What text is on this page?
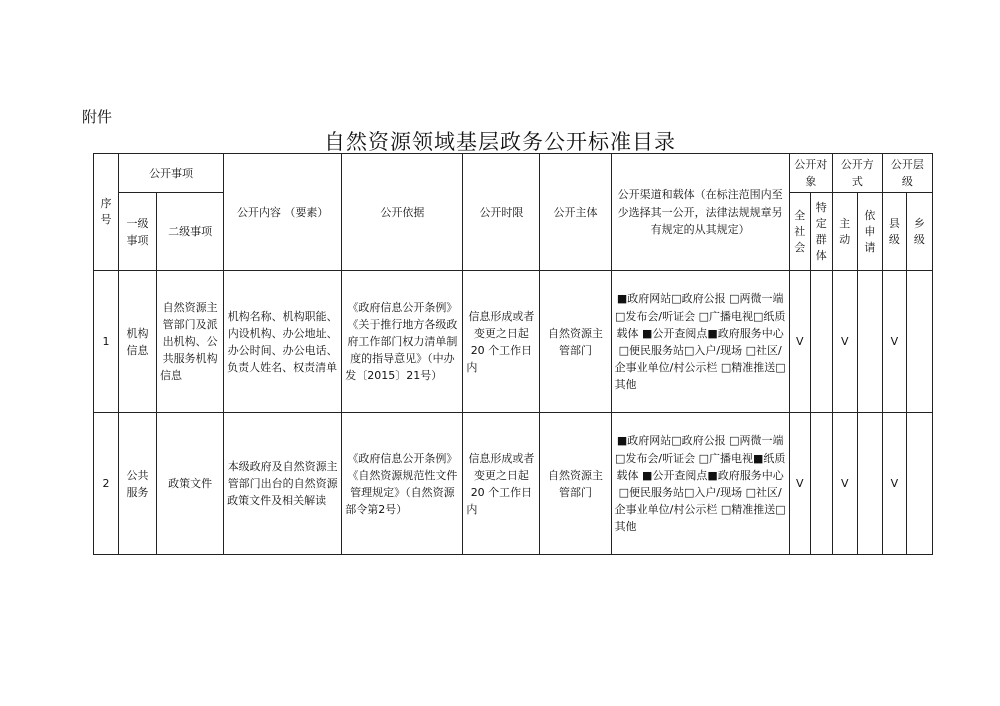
附件
自然资源领域基层政务公开标准目录
序号	公开事项		公开内容 （要素）	公开依据	公开时限	公开主体	公开渠道和载体（在标注范围内至少选择其一公开，法律法规规章另有规定的从其规定）	公开对象		公开方式		公开层级	
	一级事项	二级事项						全社会	特定群体	主动	依申请	县级	乡级
1	机构信息	自然资源主管部门及派出机构、公共服务机构信息	机构名称、机构职能、内设机构、办公地址、办公时间、办公电话、负责人姓名、权责清单	《政府信息公开条例》《关于推行地方各级政府工作部门权力清单制度的指导意见》（中办发〔2015〕21号）	信息形成或者变更之日起 20 个工作日内	自然资源主管部门	■政府网站□政府公报 □两微一端□发布会/听证会 □广播电视□纸质载体 ■公开查阅点■政府服务中心 □便民服务站□入户/现场 □社区/企事业单位/村公示栏 □精准推送□其他	V		V		V	
2	公共服务	政策文件	本级政府及自然资源主管部门出台的自然资源政策文件及相关解读	《政府信息公开条例》《自然资源规范性文件管理规定》（自然资源部令第2号）	信息形成或者变更之日起 20 个工作日内	自然资源主管部门	■政府网站□政府公报 □两微一端□发布会/听证会 □广播电视■纸质载体 ■公开查阅点■政府服务中心 □便民服务站□入户/现场 □社区/企事业单位/村公示栏 □精准推送□其他	V		V		V	
